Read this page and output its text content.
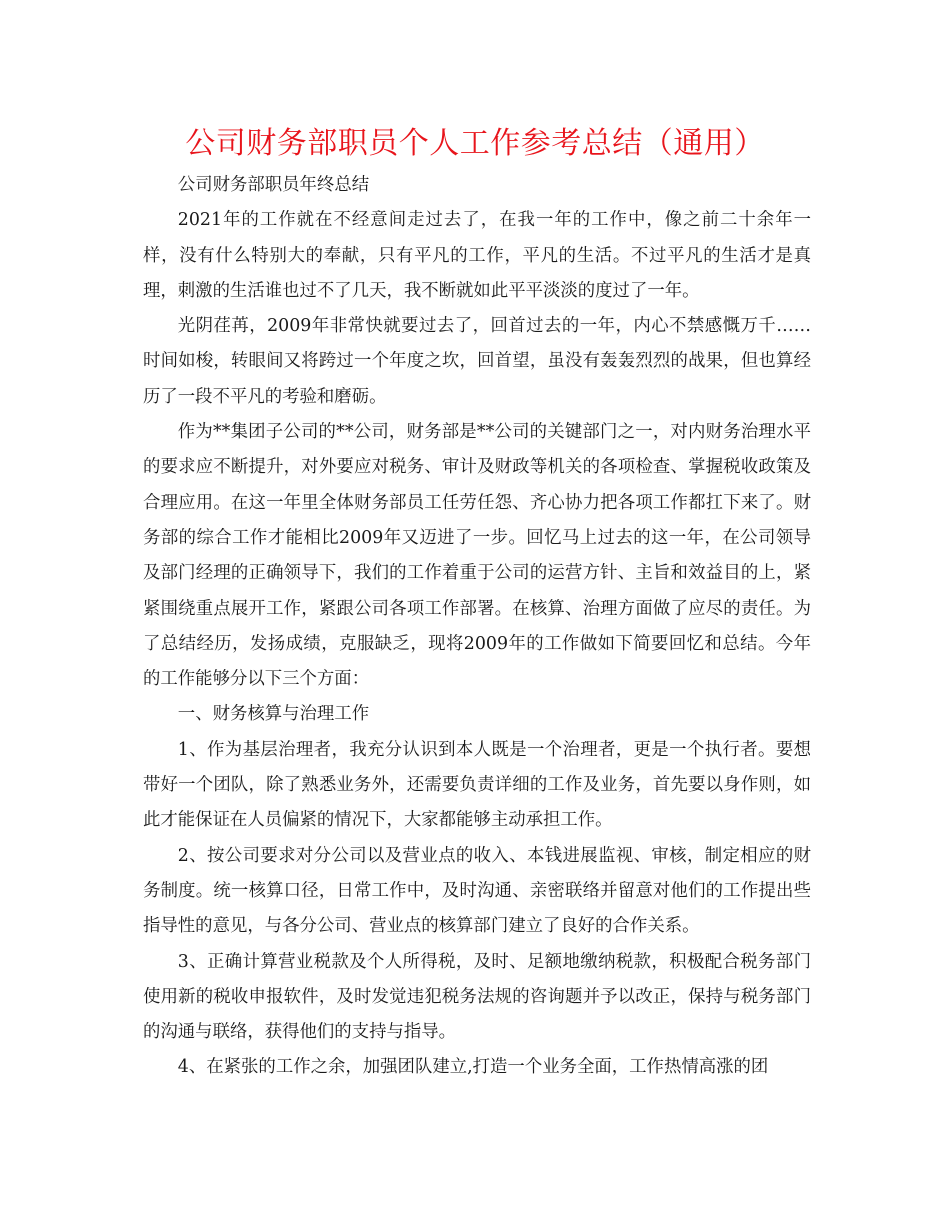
公司财务部职员个人工作参考总结（通用）

公司财务部职员年终总结

2021年的工作就在不经意间走过去了，在我一年的工作中，像之前二十余年一样，没有什么特别大的奉献，只有平凡的工作，平凡的生活。不过平凡的生活才是真理，刺激的生活谁也过不了几天，我不断就如此平平淡淡的度过了一年。

光阴荏苒，2009年非常快就要过去了，回首过去的一年，内心不禁感慨万千……时间如梭，转眼间又将跨过一个年度之坎，回首望，虽没有轰轰烈烈的战果，但也算经历了一段不平凡的考验和磨砺。

作为**集团子公司的**公司，财务部是**公司的关键部门之一，对内财务治理水平的要求应不断提升，对外要应对税务、审计及财政等机关的各项检查、掌握税收政策及合理应用。在这一年里全体财务部员工任劳任怨、齐心协力把各项工作都扛下来了。财务部的综合工作才能相比2009年又迈进了一步。回忆马上过去的这一年，在公司领导及部门经理的正确领导下，我们的工作着重于公司的运营方针、主旨和效益目的上，紧紧围绕重点展开工作，紧跟公司各项工作部署。在核算、治理方面做了应尽的责任。为了总结经历，发扬成绩，克服缺乏，现将2009年的工作做如下简要回忆和总结。今年的工作能够分以下三个方面：

一、财务核算与治理工作

1、作为基层治理者，我充分认识到本人既是一个治理者，更是一个执行者。要想带好一个团队，除了熟悉业务外，还需要负责详细的工作及业务，首先要以身作则，如此才能保证在人员偏紧的情况下，大家都能够主动承担工作。

2、按公司要求对分公司以及营业点的收入、本钱进展监视、审核，制定相应的财务制度。统一核算口径，日常工作中，及时沟通、亲密联络并留意对他们的工作提出些指导性的意见，与各分公司、营业点的核算部门建立了良好的合作关系。

3、正确计算营业税款及个人所得税，及时、足额地缴纳税款，积极配合税务部门使用新的税收申报软件，及时发觉违犯税务法规的咨询题并予以改正，保持与税务部门的沟通与联络，获得他们的支持与指导。

4、在紧张的工作之余，加强团队建立,打造一个业务全面，工作热情高涨的团
